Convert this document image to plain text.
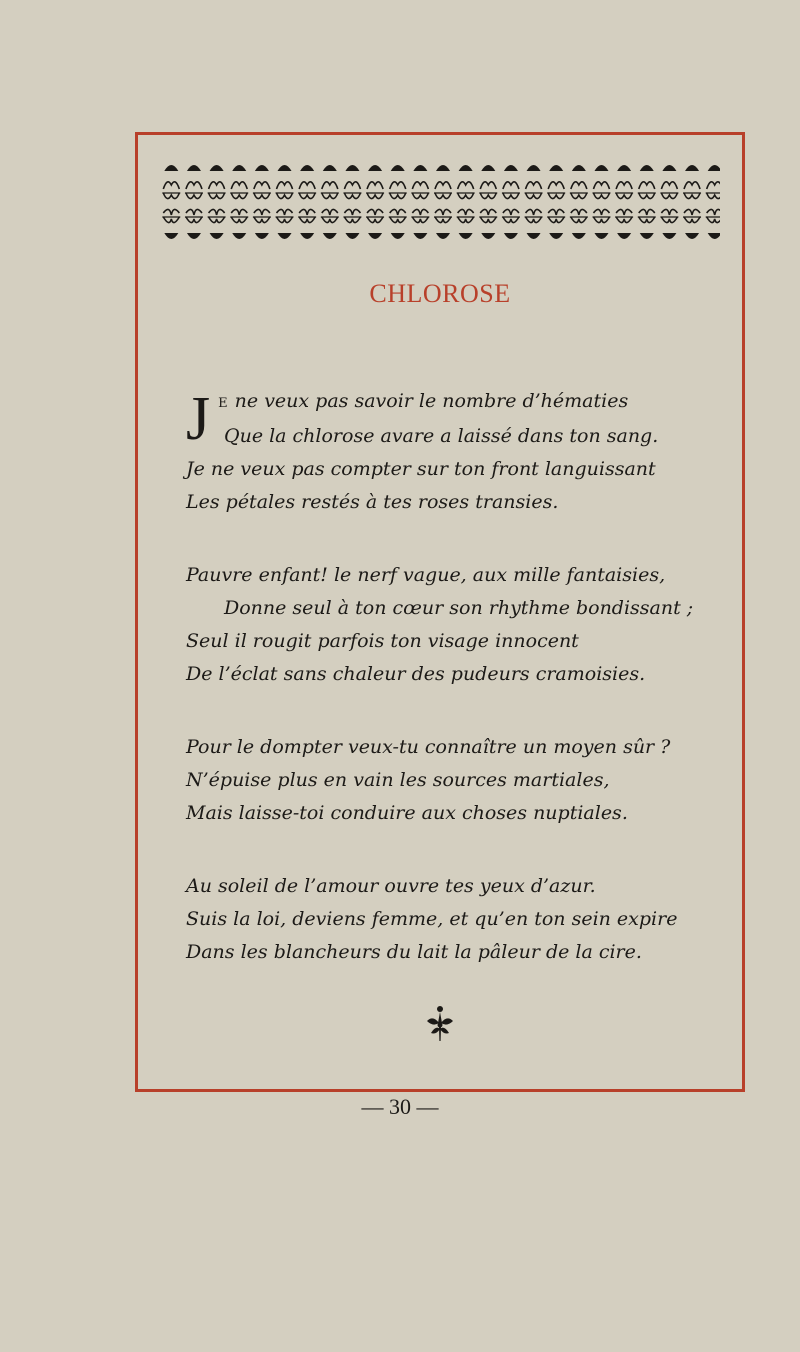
CHLOROSE
J E ne veux pas savoir le nombre d’hématies
Que la chlorose avare a laissé dans ton sang.
Je ne veux pas compter sur ton front languissant
Les pétales restés à tes roses transies.
Pauvre enfant! le nerf vague, aux mille fantaisies,
Donne seul à ton cœur son rhythme bondissant ;
Seul il rougit parfois ton visage innocent
De l’éclat sans chaleur des pudeurs cramoisies.
Pour le dompter veux-tu connaître un moyen sûr ?
N’épuise plus en vain les sources martiales,
Mais laisse-toi conduire aux choses nuptiales.
Au soleil de l’amour ouvre tes yeux d’azur.
Suis la loi, deviens femme, et qu’en ton sein expire
Dans les blancheurs du lait la pâleur de la cire.
— 30 —
